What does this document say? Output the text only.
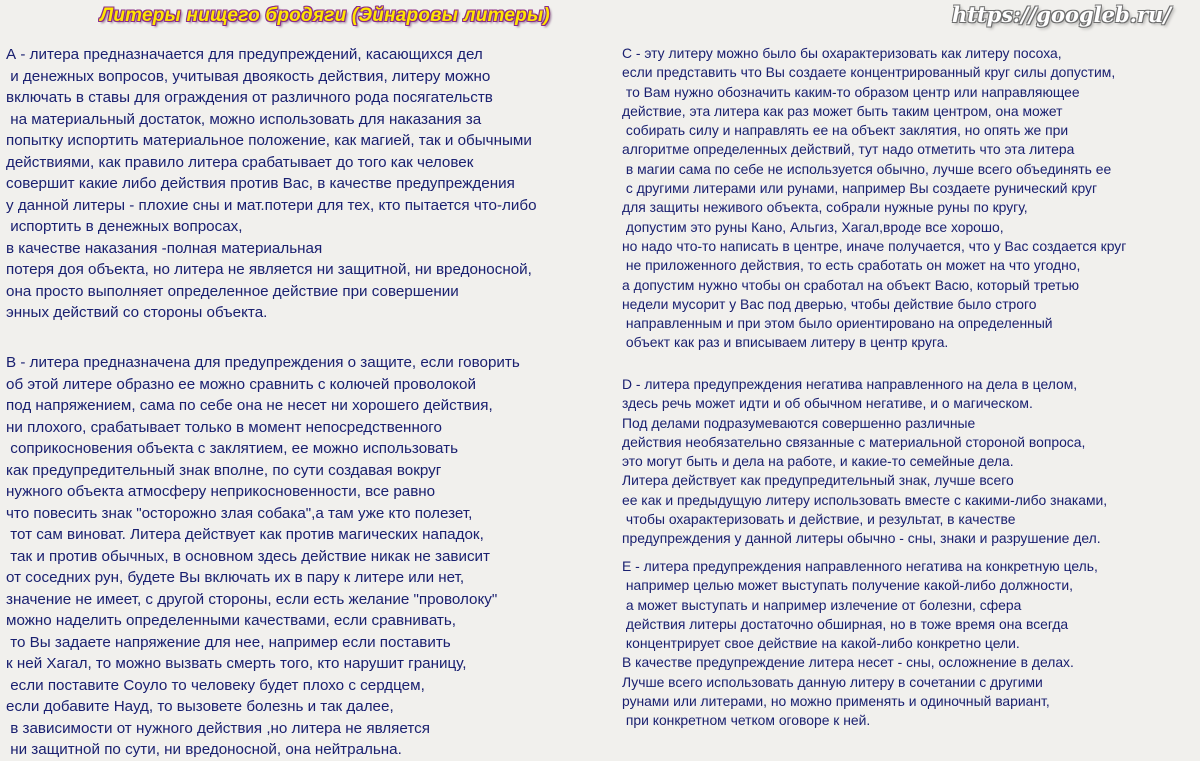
Литеры нищего бродяги (Эйнаровы литеры)	https://googleb.ru/

А - литера предназначается для предупреждений, касающихся дел
и денежных вопросов, учитывая двоякость действия, литеру можно
включать в ставы для ограждения от различного рода посягательств
на материальный достаток, можно использовать для наказания за
попытку испортить материальное положение, как магией, так и обычными
действиями, как правило литера срабатывает до того как человек
совершит какие либо действия против Вас, в качестве предупреждения
у данной литеры - плохие сны и мат.потери для тех, кто пытается что-либо
испортить в денежных вопросах,
в качестве наказания -полная материальная
потеря доя объекта, но литера не является ни защитной, ни вредоносной,
она просто выполняет определенное действие при совершении
энных действий со стороны объекта.

В - литера предназначена для предупреждения о защите, если говорить
об этой литере образно ее можно сравнить с колючей проволокой
под напряжением, сама по себе она не несет ни хорошего действия,
ни плохого, срабатывает только в момент непосредственного
соприкосновения объекта с заклятием, ее можно использовать
как предупредительный знак вполне, по сути создавая вокруг
нужного объекта атмосферу неприкосновенности, все равно
что повесить знак "осторожно злая собака",а там уже кто полезет,
тот сам виноват. Литера действует как против магических нападок,
так и против обычных, в основном здесь действие никак не зависит
от соседних рун, будете Вы включать их в пару к литере или нет,
значение не имеет, с другой стороны, если есть желание "проволоку"
можно наделить определенными качествами, если сравнивать,
то Вы задаете напряжение для нее, например если поставить
к ней Хагал, то можно вызвать смерть того, кто нарушит границу,
если поставите Соуло то человеку будет плохо с сердцем,
если добавите Науд, то вызовете болезнь и так далее,
в зависимости от нужного действия ,но литера не является
ни защитной по сути, ни вредоносной, она нейтральна.

С - эту литеру можно было бы охарактеризовать как литеру посоха,
если представить что Вы создаете концентрированный круг силы допустим,
то Вам нужно обозначить каким-то образом центр или направляющее
действие, эта литера как раз может быть таким центром, она может
собирать силу и направлять ее на объект заклятия, но опять же при
алгоритме определенных действий, тут надо отметить что эта литера
в магии сама по себе не используется обычно, лучше всего объединять ее
с другими литерами или рунами, например Вы создаете рунический круг
для защиты неживого объекта, собрали нужные руны по кругу,
допустим это руны Кано, Альгиз, Хагал,вроде все хорошо,
но надо что-то написать в центре, иначе получается, что у Вас создается круг
не приложенного действия, то есть сработать он может на что угодно,
а допустим нужно чтобы он сработал на объект Васю, который третью
недели мусорит у Вас под дверью, чтобы действие было строго
направленным и при этом было ориентировано на определенный
объект как раз и вписываем литеру в центр круга.

D - литера предупреждения негатива направленного на дела в целом,
здесь речь может идти и об обычном негативе, и о магическом.
Под делами подразумеваются совершенно различные
действия необязательно связанные с материальной стороной вопроса,
это могут быть и дела на работе, и какие-то семейные дела.
Литера действует как предупредительный знак, лучше всего
ее как и предыдущую литеру использовать вместе с какими-либо знаками,
чтобы охарактеризовать и действие, и результат, в качестве
предупреждения у данной литеры обычно - сны, знаки и разрушение дел.

E - литера предупреждения направленного негатива на конкретную цель,
например целью может выступать получение какой-либо должности,
а может выступать и например излечение от болезни, сфера
действия литеры достаточно обширная, но в тоже время она всегда
концентрирует свое действие на какой-либо конкретно цели.
В качестве предупреждение литера несет - сны, осложнение в делах.
Лучше всего использовать данную литеру в сочетании с другими
рунами или литерами, но можно применять и одиночный вариант,
при конкретном четком оговоре к ней.
